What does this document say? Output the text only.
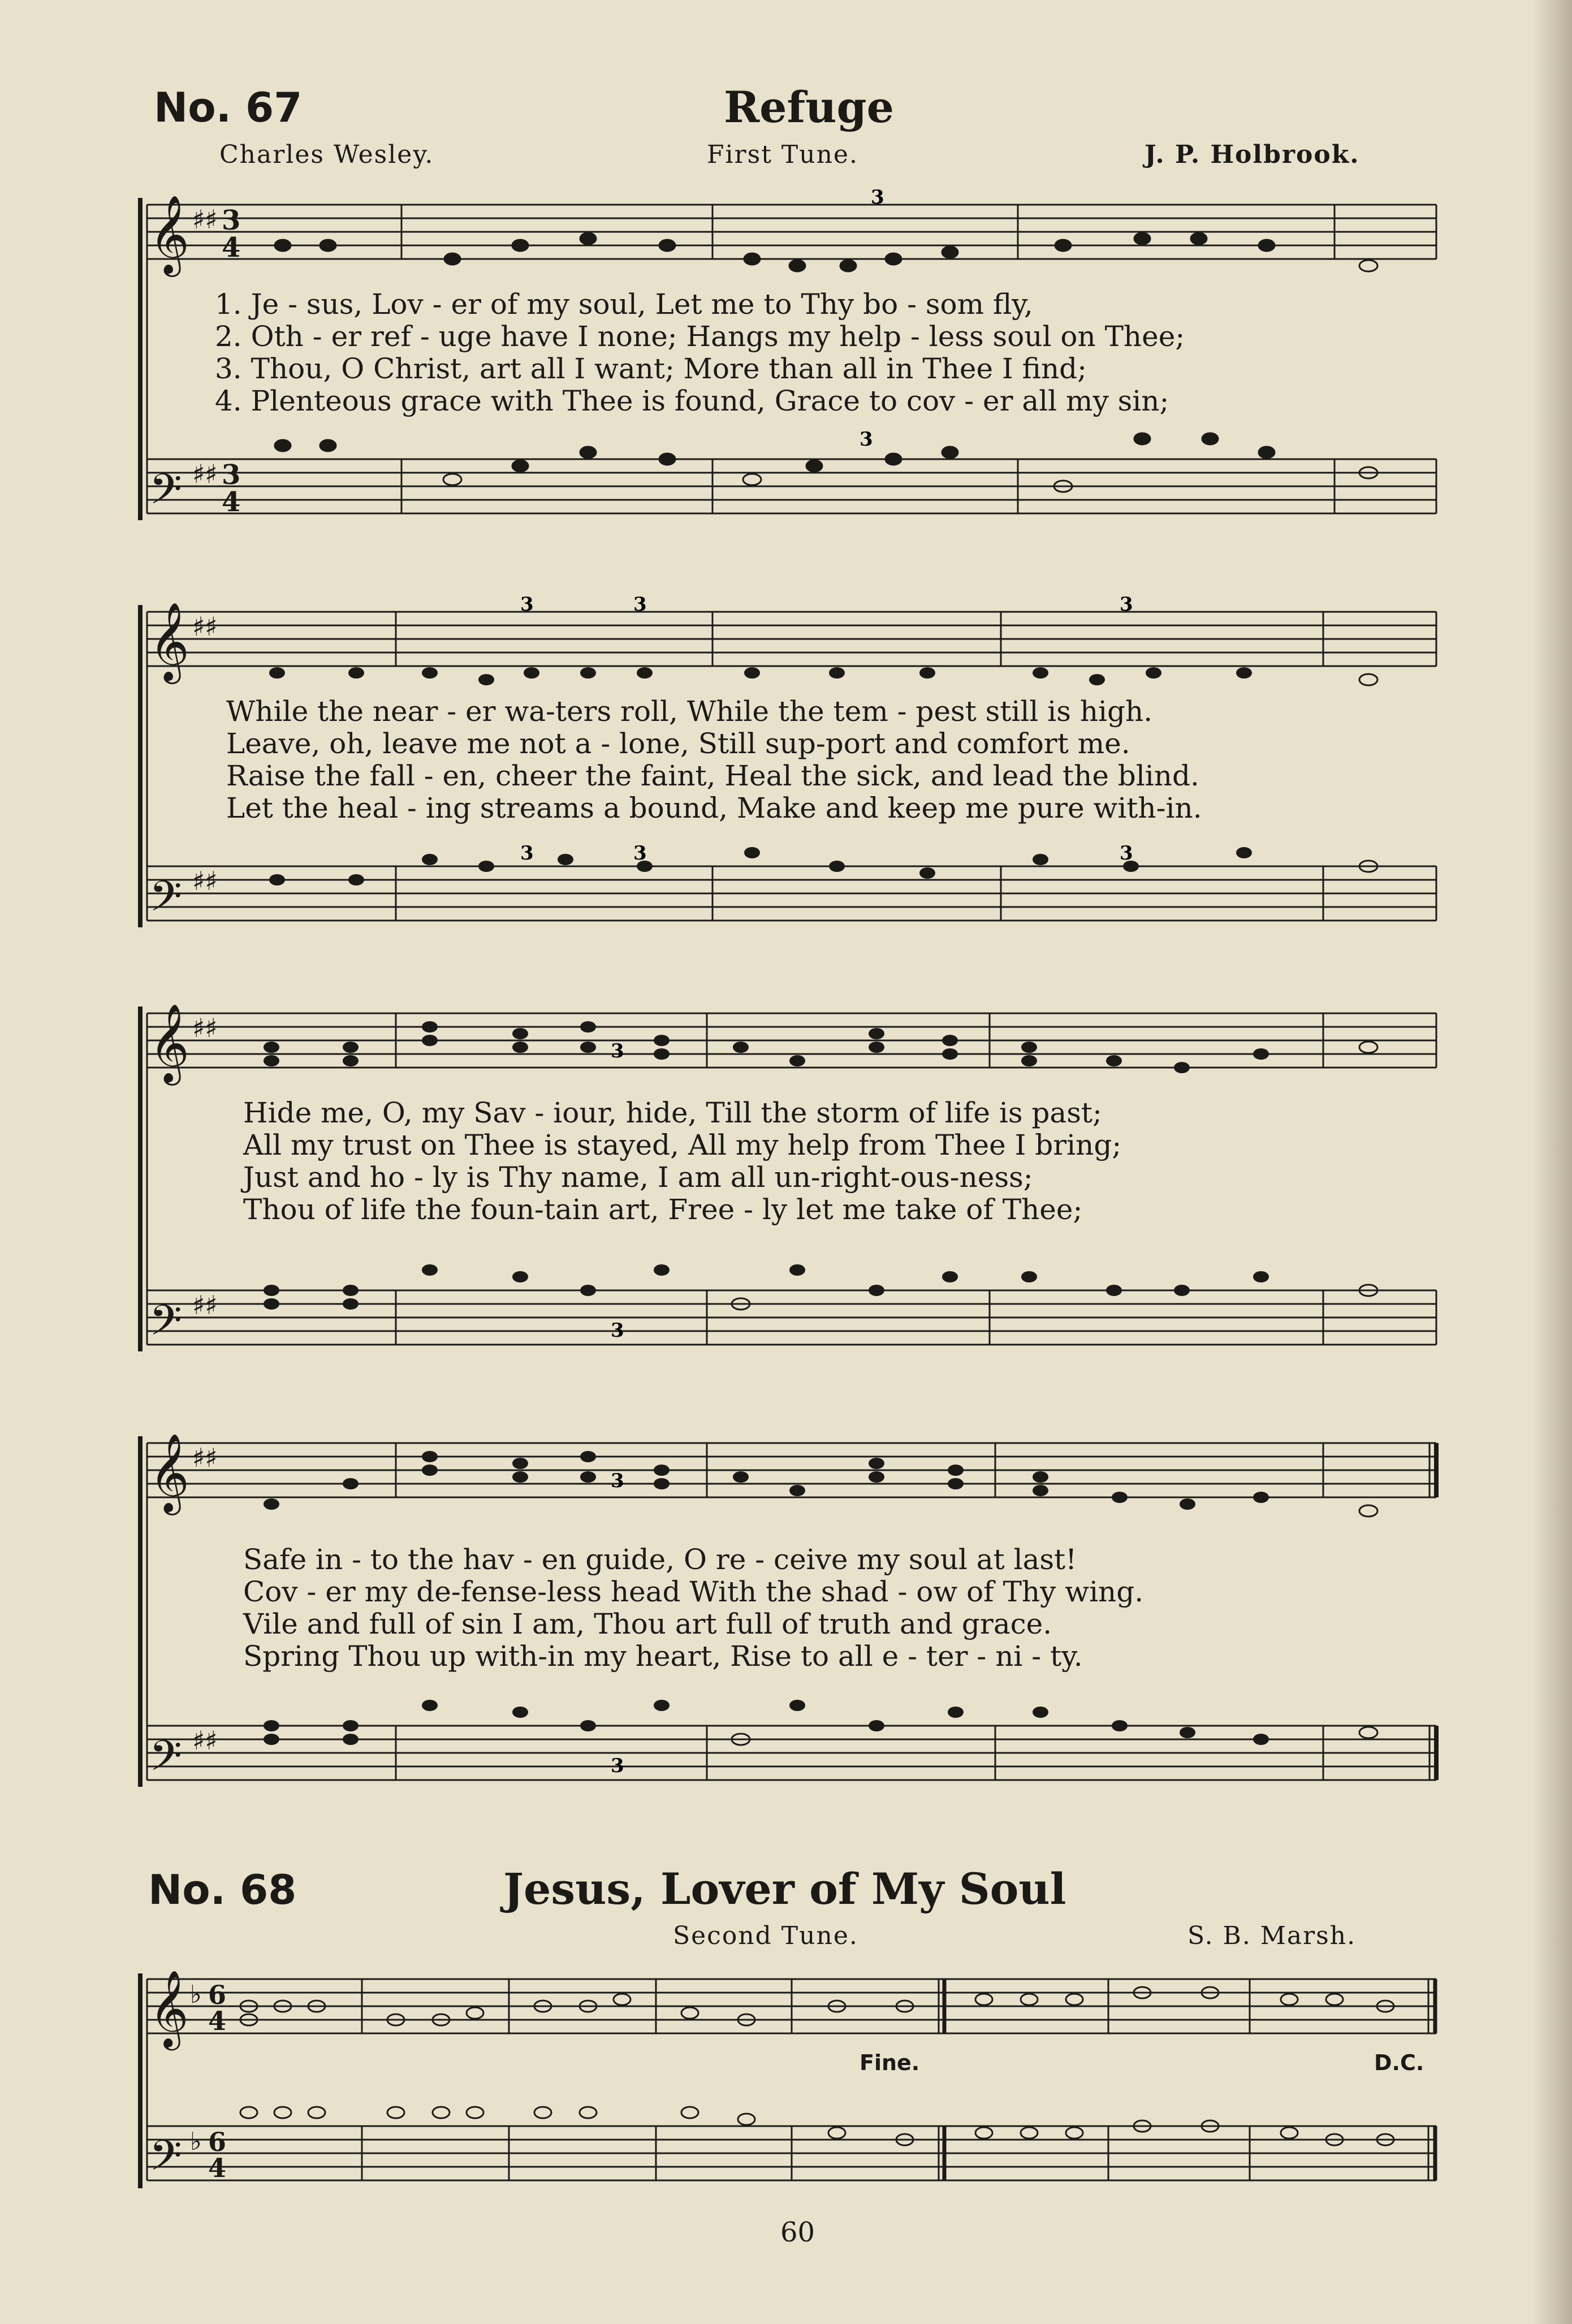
No. 67	Refuge
Charles Wesley.	First Tune.	J. P. Holbrook.
𝄞
𝄢
♯♯
♯♯
3
4
3
4
3
3
1. Je - sus, Lov - er of my soul, Let me to Thy bo - som fly,
2. Oth - er ref - uge have I none; Hangs my help - less soul on Thee;
3. Thou, O Christ, art all I want; More than all in Thee I find;
4. Plenteous grace with Thee is found, Grace to cov - er all my sin;
𝄞
𝄢
♯♯
♯♯
3	3	3
3	3	3
While the near - er wa-ters roll, While the tem - pest still is high.
Leave, oh, leave me not a - lone, Still sup-port and comfort me.
Raise the fall - en, cheer the faint, Heal the sick, and lead the blind.
Let the heal - ing streams a bound, Make and keep me pure with-in.
𝄞
𝄢
♯♯
♯♯
3
3
Hide me, O, my Sav - iour, hide, Till the storm of life is past;
All my trust on Thee is stayed, All my help from Thee I bring;
Just and ho - ly is Thy name, I am all un-right-ous-ness;
Thou of life the foun-tain art, Free - ly let me take of Thee;
𝄞
𝄢
♯♯
♯♯
3
3
Safe in - to the hav - en guide, O re - ceive my soul at last!
Cov - er my de-fense-less head With the shad - ow of Thy wing.
Vile and full of sin I am, Thou art full of truth and grace.
Spring Thou up with-in my heart, Rise to all e - ter - ni - ty.
No. 68	Jesus, Lover of My Soul
Second Tune.	S. B. Marsh.
𝄞
𝄢
♭
♭
6
4
6
4
Fine.	D.C.
60
